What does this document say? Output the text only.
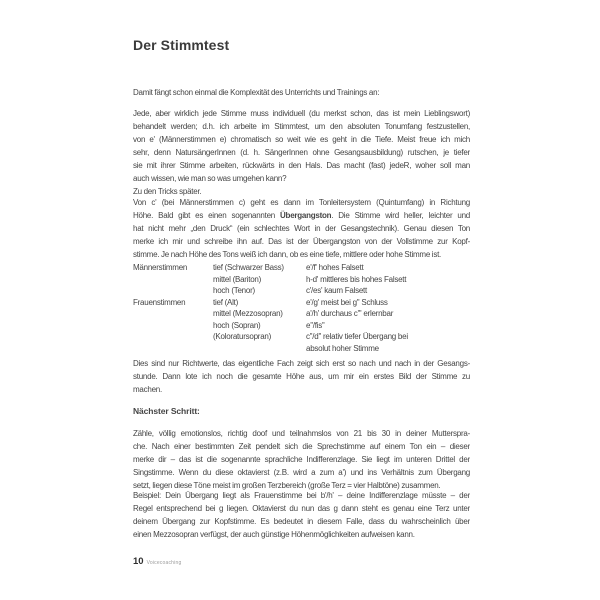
Der Stimmtest
Damit fängt schon einmal die Komplexität des Unterrichts und Trainings an:
Jede, aber wirklich jede Stimme muss individuell (du merkst schon, das ist mein Lieblingswort)
behandelt werden; d.h. ich arbeite im Stimmtest, um den absoluten Tonumfang festzustellen,
von e' (Männerstimmen e) chromatisch so weit wie es geht in die Tiefe. Meist freue ich mich
sehr, denn NatursängerInnen (d. h. SängerInnen ohne Gesangsausbildung) rutschen, je tiefer
sie mit ihrer Stimme arbeiten, rückwärts in den Hals. Das macht (fast) jedeR, woher soll man
auch wissen, wie man so was umgehen kann?
Zu den Tricks später.
Von c' (bei Männerstimmen c) geht es dann im Tonleitersystem (Quintumfang) in Richtung
Höhe. Bald gibt es einen sogenannten Übergangston. Die Stimme wird heller, leichter und
hat nicht mehr „den Druck“ (ein schlechtes Wort in der Gesangstechnik). Genau diesen Ton
merke ich mir und schreibe ihn auf. Das ist der Übergangston von der Vollstimme zur Kopf-
stimme. Je nach Höhe des Tons weiß ich dann, ob es eine tiefe, mittlere oder hohe Stimme ist.
Männerstimmen	tief (Schwarzer Bass)	e'/f' hohes Falsett
mittel (Bariton)	h-d' mittleres bis hohes Falsett
hoch (Tenor)	c'/es' kaum Falsett
Frauenstimmen	tief (Alt)	e'/g' meist bei g'' Schluss
mittel (Mezzosopran)	a'/h' durchaus c''' erlernbar
hoch (Sopran)	e''/fis''
(Koloratursopran)	c''/d'' relativ tiefer Übergang bei
absolut hoher Stimme
Dies sind nur Richtwerte, das eigentliche Fach zeigt sich erst so nach und nach in der Gesangs-
stunde. Dann lote ich noch die gesamte Höhe aus, um mir ein erstes Bild der Stimme zu
machen.
Nächster Schritt:
Zähle, völlig emotionslos, richtig doof und teilnahmslos von 21 bis 30 in deiner Mutterspra-
che. Nach einer bestimmten Zeit pendelt sich die Sprechstimme auf einem Ton ein – dieser
merke dir – das ist die sogenannte sprachliche Indifferenzlage. Sie liegt im unteren Drittel der
Singstimme. Wenn du diese oktavierst (z.B. wird a zum a') und ins Verhältnis zum Übergang
setzt, liegen diese Töne meist im großen Terzbereich (große Terz = vier Halbtöne) zusammen.
Beispiel: Dein Übergang liegt als Frauenstimme bei b'/h' – deine Indifferenzlage müsste – der
Regel entsprechend bei g liegen. Oktavierst du nun das g dann steht es genau eine Terz unter
deinem Übergang zur Kopfstimme. Es bedeutet in diesem Falle, dass du wahrscheinlich über
einen Mezzosopran verfügst, der auch günstige Höhenmöglichkeiten aufweisen kann.
10 Voicecoaching
